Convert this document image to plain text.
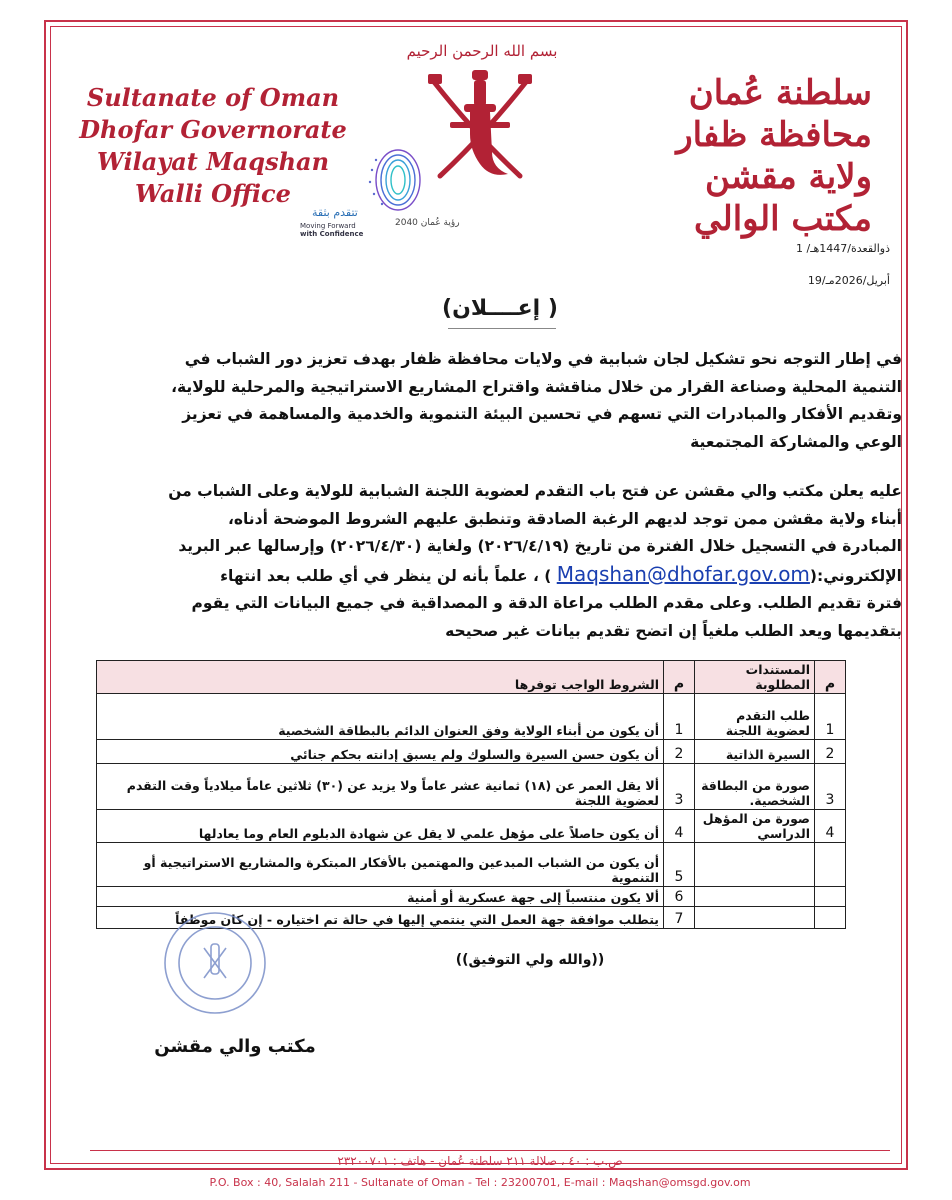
Sultanate of Oman
Dhofar Governorate
Wilayat Maqshan
Walli Office
سلطنة عُمان
محافظة ظفار
ولاية مقشن
مكتب الوالي
بسم الله الرحمن الرحيم
تتقدم بثقة
رؤية عُمان 2040
Moving Forward
with Confidence
1 /ذوالقعدة/1447هـ
19/أبريل/2026مـ
(إعــــلان )
في إطار التوجه نحو تشكيل لجان شبابية في ولايات محافظة ظفار بهدف تعزيز دور الشباب في
التنمية المحلية وصناعة القرار من خلال مناقشة واقتراح المشاريع الاستراتيجية والمرحلية للولاية،
وتقديم الأفكار والمبادرات التي تسهم في تحسين البيئة التنموية والخدمية والمساهمة في تعزيز
الوعي والمشاركة المجتمعية
عليه يعلن مكتب والي مقشن عن فتح باب التقدم لعضوية اللجنة الشبابية للولاية وعلى الشباب من
أبناء ولاية مقشن ممن توجد لديهم الرغبة الصادقة وتنطبق عليهم الشروط الموضحة أدناه،
المبادرة في التسجيل خلال الفترة من تاريخ (٢٠٢٦/٤/١٩) ولغاية (٢٠٢٦/٤/٣٠) وإرسالها عبر البريد
الإلكتروني:(Maqshan@dhofar.gov.om ) ، علماً بأنه لن ينظر في أي طلب بعد انتهاء
فترة تقديم الطلب. وعلى مقدم الطلب مراعاة الدقة و المصداقية في جميع البيانات التي يقوم
بتقديمها ويعد الطلب ملغياً إن اتضح تقديم بيانات غير صحيحه
م	المستندات المطلوبة	م	الشروط الواجب توفرها
1	طلب التقدم لعضوية اللجنة	1	أن يكون من أبناء الولاية وفق العنوان الدائم بالبطاقة الشخصية
2	السيرة الذاتية	2	أن يكون حسن السيرة والسلوك ولم يسبق إدانته بحكم جنائي
3	صورة من البطاقة الشخصية.	3	ألا يقل العمر عن (١٨) ثمانية عشر عاماً ولا يزيد عن (٣٠) ثلاثين عاماً ميلادياً وقت التقدم لعضوية اللجنة
4	صورة من المؤهل الدراسي	4	أن يكون حاصلاً على مؤهل علمي لا يقل عن شهادة الدبلوم العام وما يعادلها
		5	أن يكون من الشباب المبدعين والمهتمين بالأفكار المبتكرة والمشاريع الاستراتيجية أو التنموية
		6	ألا يكون منتسباً إلى جهة عسكرية أو أمنية
		7	يتطلب موافقة جهة العمل التي ينتمي إليها في حالة تم اختياره - إن كان موظفاً
((والله ولي التوفيق))
مكتب والي مقشن
ص.ب : ٤٠ ، صلالة ٢١١ سلطنة عُمان - هاتف : ٢٣٢٠٠٧٠١
P.O. Box : 40, Salalah 211 - Sultanate of Oman - Tel : 23200701, E-mail : Maqshan@omsgd.gov.om
